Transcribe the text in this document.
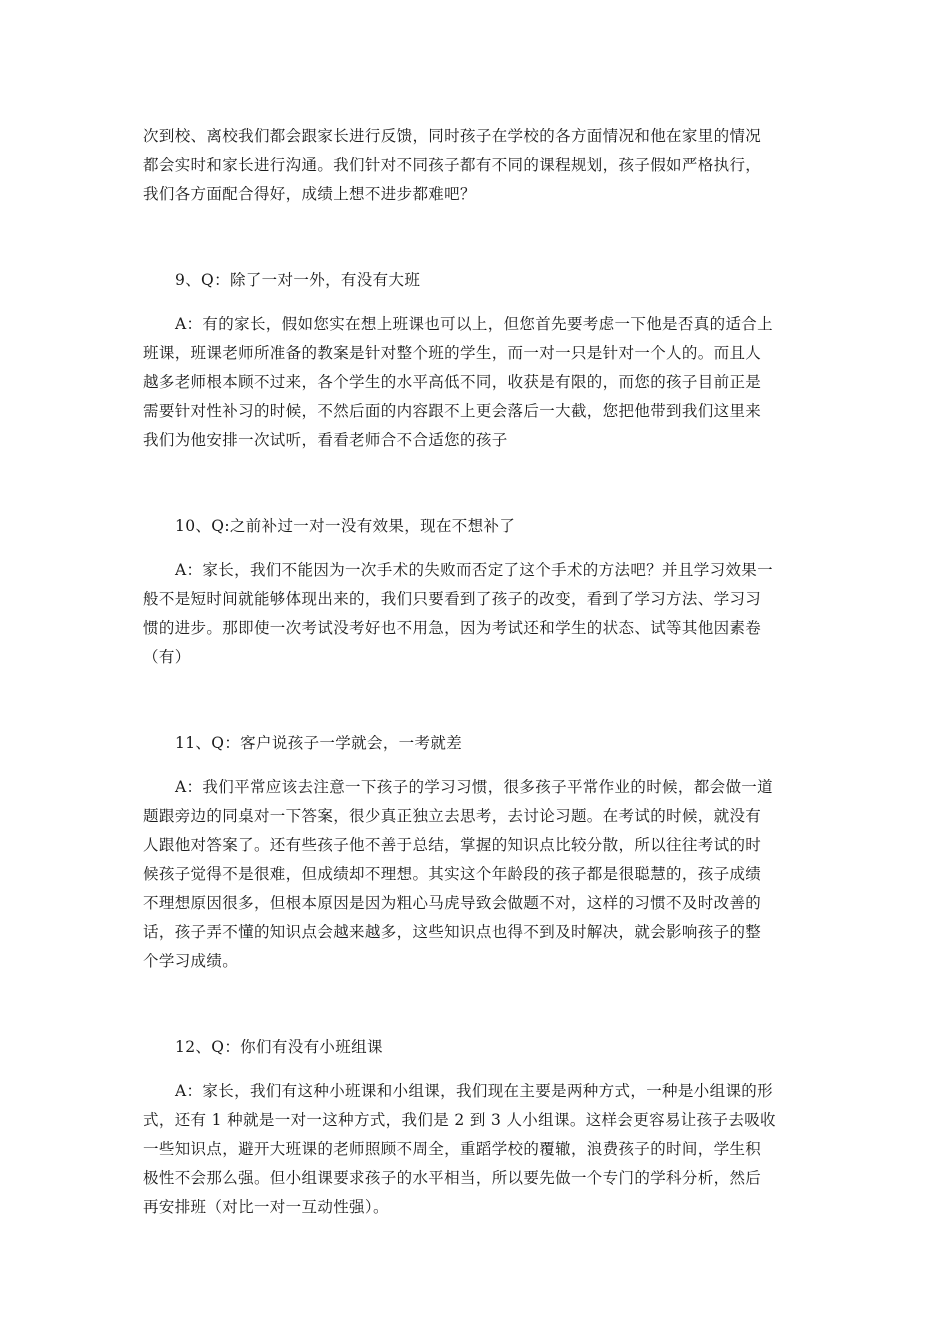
次到校、离校我们都会跟家长进行反馈，同时孩子在学校的各方面情况和他在家里的情况
都会实时和家长进行沟通。我们针对不同孩子都有不同的课程规划，孩子假如严格执行，
我们各方面配合得好，成绩上想不进步都难吧？
9、Q：除了一对一外，有没有大班
A：有的家长，假如您实在想上班课也可以上，但您首先要考虑一下他是否真的适合上
班课，班课老师所准备的教案是针对整个班的学生，而一对一只是针对一个人的。而且人
越多老师根本顾不过来，各个学生的水平高低不同，收获是有限的，而您的孩子目前正是
需要针对性补习的时候，不然后面的内容跟不上更会落后一大截，您把他带到我们这里来
我们为他安排一次试听，看看老师合不合适您的孩子
10、Q:之前补过一对一没有效果，现在不想补了
A：家长，我们不能因为一次手术的失败而否定了这个手术的方法吧？并且学习效果一
般不是短时间就能够体现出来的，我们只要看到了孩子的改变，看到了学习方法、学习习
惯的进步。那即使一次考试没考好也不用急，因为考试还和学生的状态、试等其他因素卷
（有）
11、Q：客户说孩子一学就会，一考就差
A：我们平常应该去注意一下孩子的学习习惯，很多孩子平常作业的时候，都会做一道
题跟旁边的同桌对一下答案，很少真正独立去思考，去讨论习题。在考试的时候，就没有
人跟他对答案了。还有些孩子他不善于总结，掌握的知识点比较分散，所以往往考试的时
候孩子觉得不是很难，但成绩却不理想。其实这个年龄段的孩子都是很聪慧的，孩子成绩
不理想原因很多，但根本原因是因为粗心马虎导致会做题不对，这样的习惯不及时改善的
话，孩子弄不懂的知识点会越来越多，这些知识点也得不到及时解决，就会影响孩子的整
个学习成绩。
12、Q：你们有没有小班组课
A：家长，我们有这种小班课和小组课，我们现在主要是两种方式，一种是小组课的形
式，还有 1 种就是一对一这种方式，我们是 2 到 3 人小组课。这样会更容易让孩子去吸收
一些知识点，避开大班课的老师照顾不周全，重蹈学校的覆辙，浪费孩子的时间，学生积
极性不会那么强。但小组课要求孩子的水平相当，所以要先做一个专门的学科分析，然后
再安排班（对比一对一互动性强）。
